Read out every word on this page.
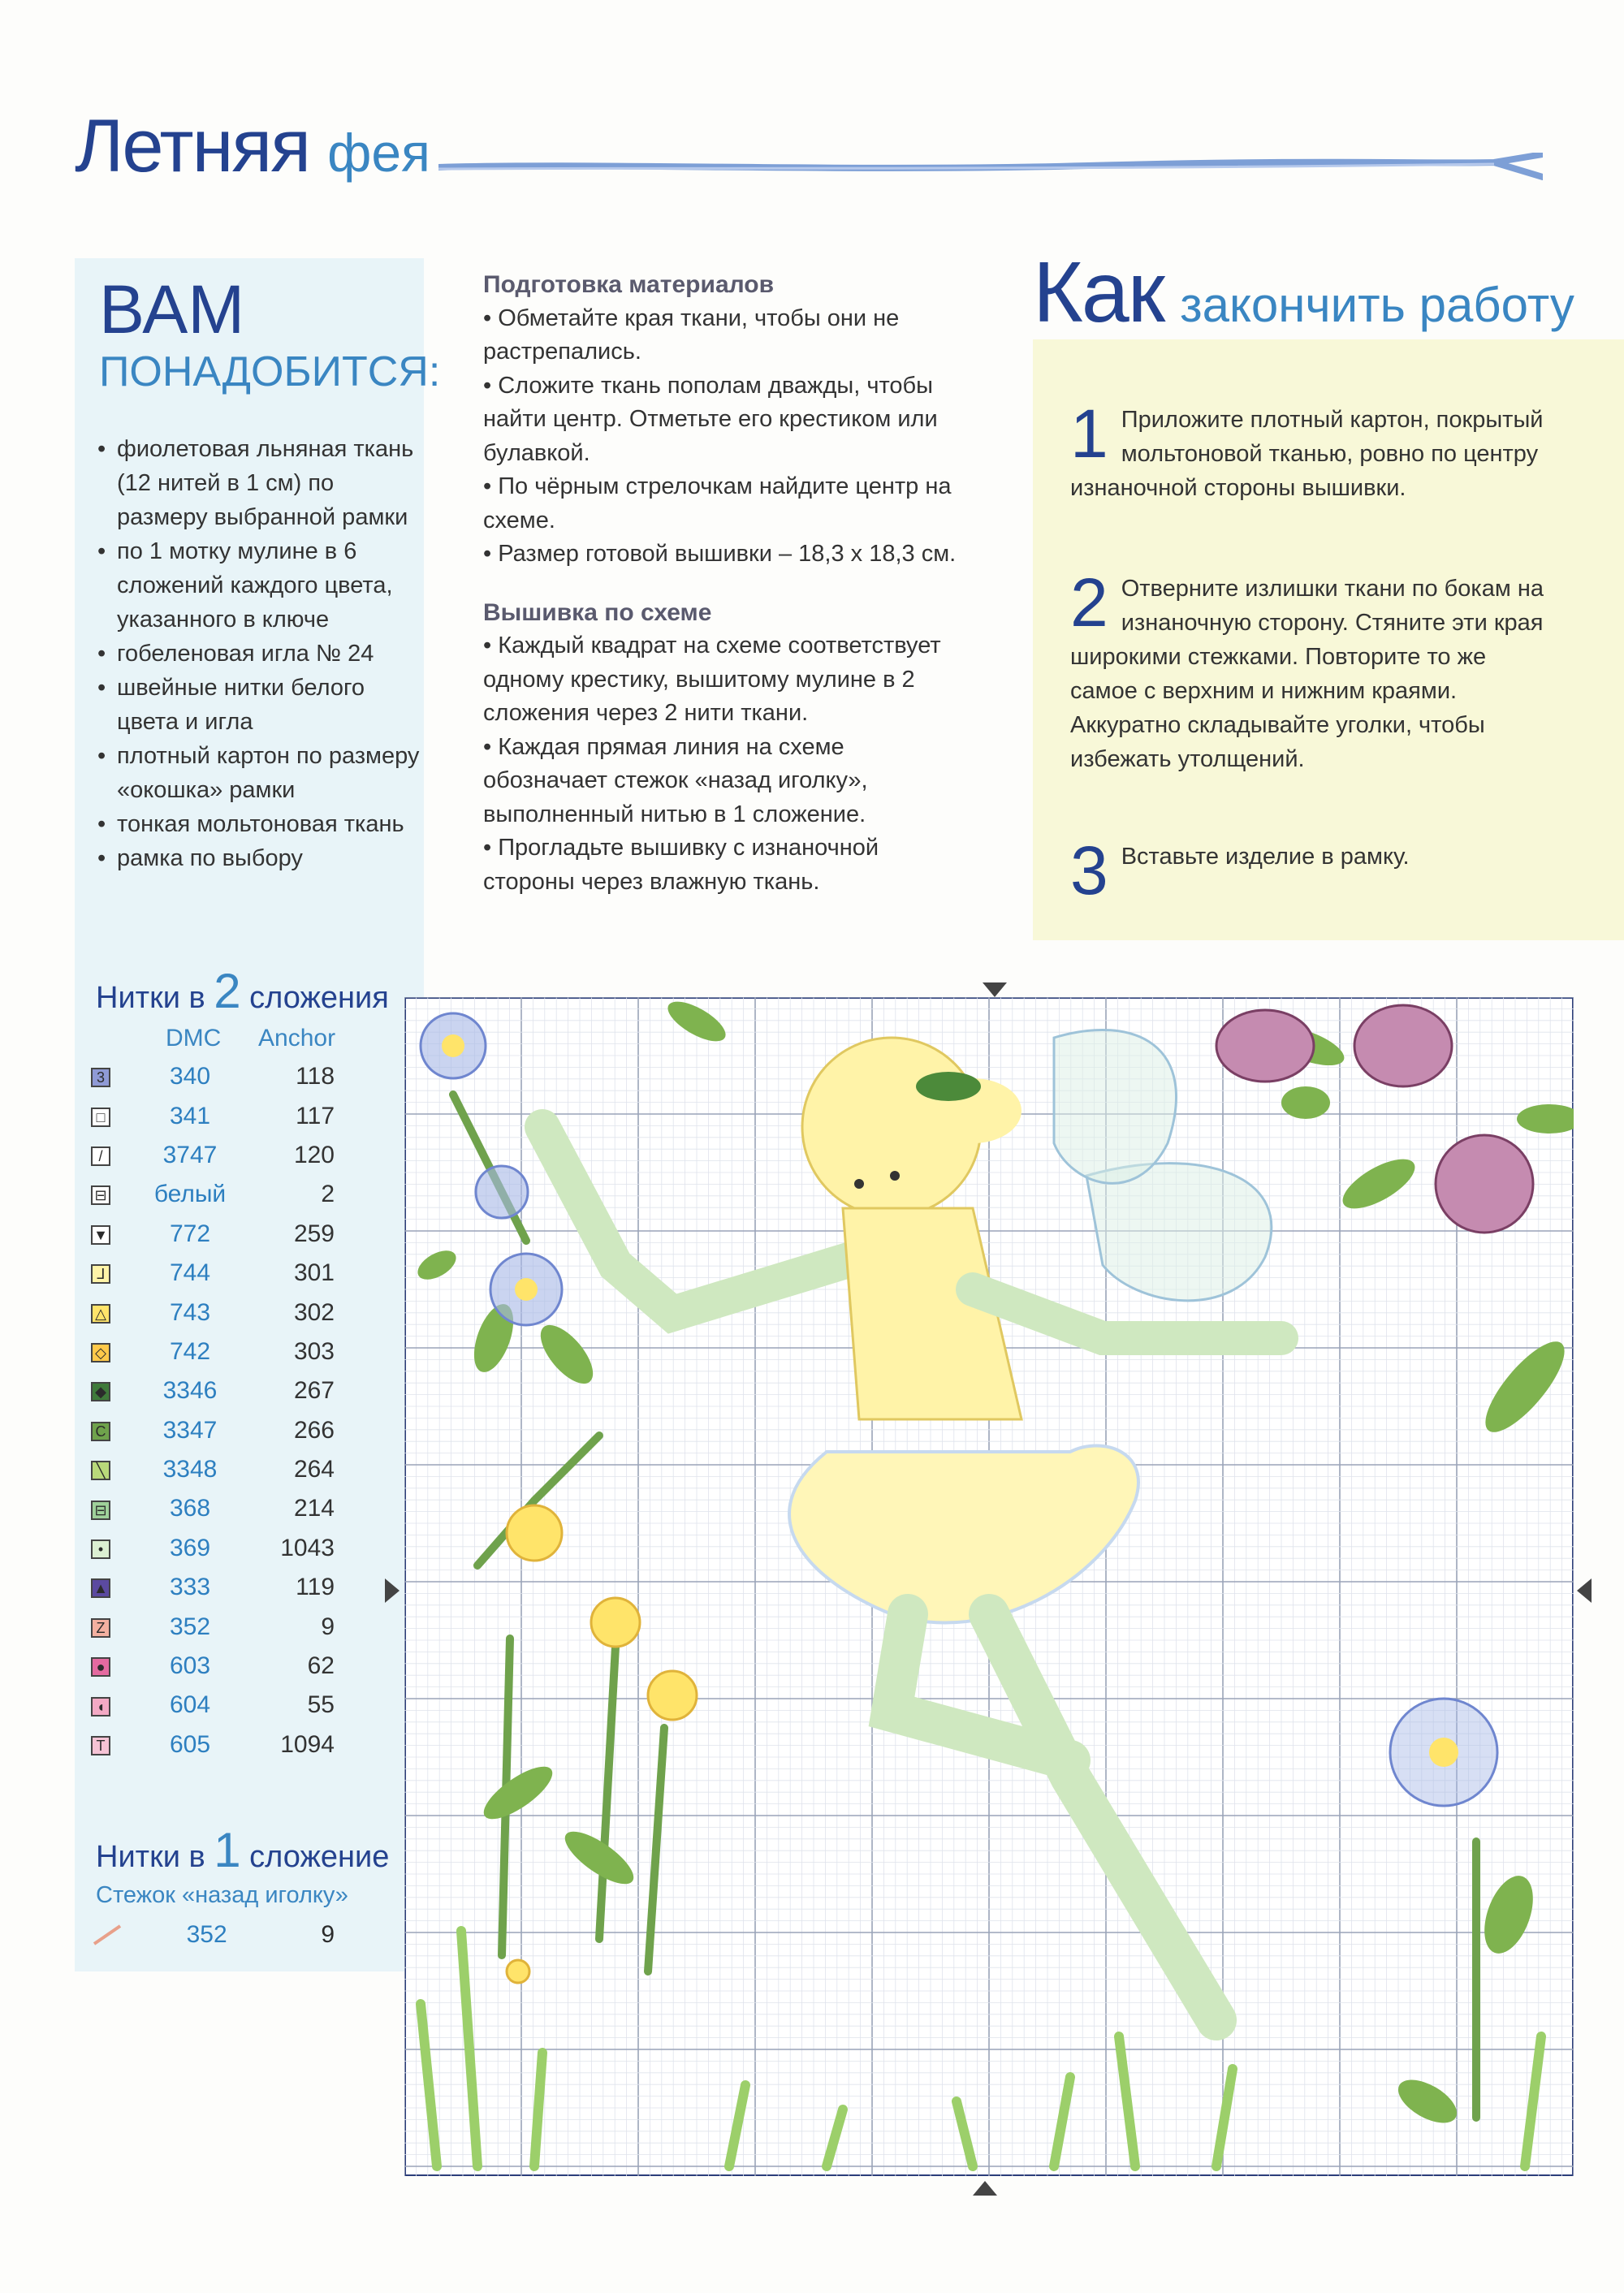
Летняя фея
ВАМ
ПОНАДОБИТСЯ:
• фиолетовая льняная ткань (12 нитей в 1 см) по размеру выбранной рамки
• по 1 мотку мулине в 6 сложений каждого цвета, указанного в ключе
• гобеленовая игла № 24
• швейные нитки белого цвета и игла
• плотный картон по размеру «окошка» рамки
• тонкая мольтоновая ткань
• рамка по выбору
Нитки в 2 сложения
DMC Anchor
3	340	118
□	341	117
/	3747	120
⊟	белый	2
▼	772	259
ᒧ	744	301
△	743	302
◇	742	303
◆	3346	267
C	3347	266
╲	3348	264
⊟	368	214
•	369	1043
▲	333	119
Z	352	9
●	603	62
◖	604	55
T	605	1094
Нитки в 1 сложение
Стежок «назад иголку»
352	9
Подготовка материалов

• Обметайте края ткани, чтобы они не растрепались.

• Сложите ткань пополам дважды, чтобы найти центр. Отметьте его крестиком или булавкой.

• По чёрным стрелочкам найдите центр на схеме.

• Размер готовой вышивки – 18,3 х 18,3 см.

Вышивка по схеме

• Каждый квадрат на схеме соответствует одному крестику, вышитому мулине в 2 сложения через 2 нити ткани.

• Каждая прямая линия на схеме обозначает стежок «назад иголку», выполненный нитью в 1 сложение.

• Прогладьте вышивку с изнаночной стороны через влажную ткань.

Как закончить работу
1 Приложите плотный картон, покрытый мольтоновой тканью, ровно по центру изнаночной стороны вышивки.
2 Отверните излишки ткани по бокам на изнаночную сторону. Стяните эти края широкими стежками. Повторите то же самое с верхним и нижним краями. Аккуратно складывайте уголки, чтобы избежать утолщений.
3 Вставьте изделие в рамку.
